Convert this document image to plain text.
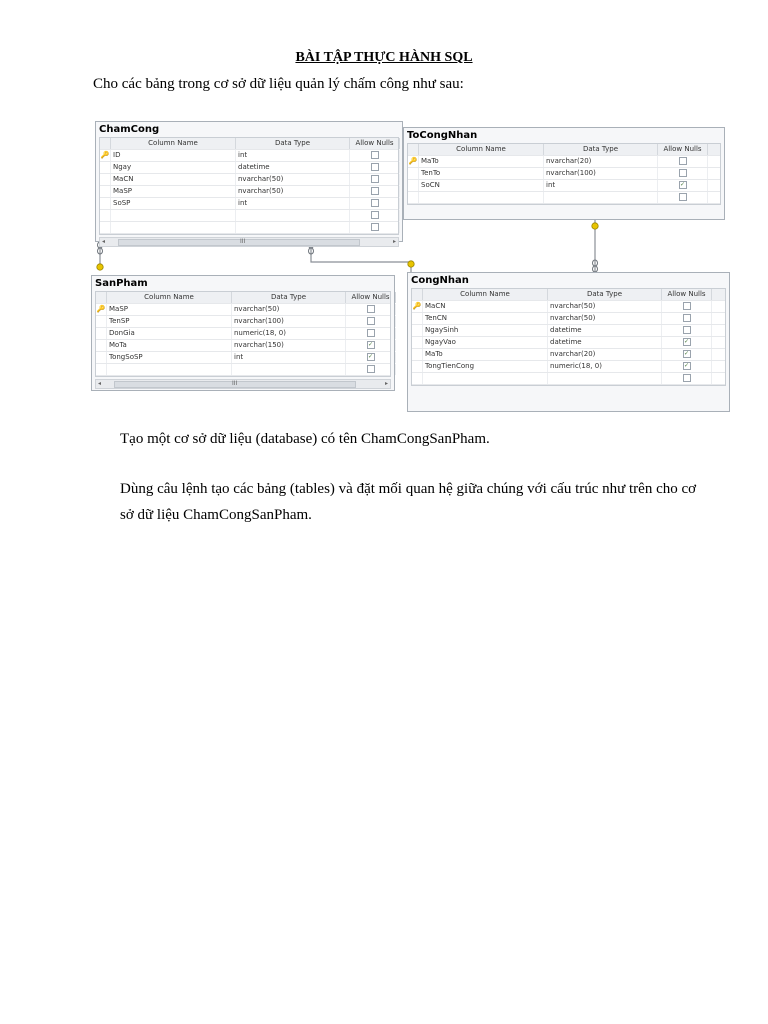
BÀI TẬP THỰC HÀNH SQL
Cho các bảng trong cơ sở dữ liệu quản lý chấm công như sau:
ChamCong
Column Name	Data Type	Allow Nulls
🔑 ID	int
Ngay	datetime
MaCN	nvarchar(50)
MaSP	nvarchar(50)
SoSP	int
◂	III	▸
ToCongNhan
Column Name	Data Type	Allow Nulls
🔑 MaTo	nvarchar(20)
TenTo	nvarchar(100)
SoCN	int	✓
SanPham
Column Name	Data Type	Allow Nulls
🔑 MaSP	nvarchar(50)
TenSP	nvarchar(100)
DonGia	numeric(18, 0)
MoTa	nvarchar(150)	✓
TongSoSP	int	✓
◂	III	▸
CongNhan
Column Name	Data Type	Allow Nulls
🔑 MaCN	nvarchar(50)
TenCN	nvarchar(50)
NgaySinh	datetime
NgayVao	datetime	✓
MaTo	nvarchar(20)	✓
TongTienCong	numeric(18, 0)	✓
Tạo một cơ sở dữ liệu (database) có tên ChamCongSanPham.
Dùng câu lệnh tạo các bảng (tables) và đặt mối quan hệ giữa chúng với cấu trúc như trên cho cơ sở dữ liệu ChamCongSanPham.
